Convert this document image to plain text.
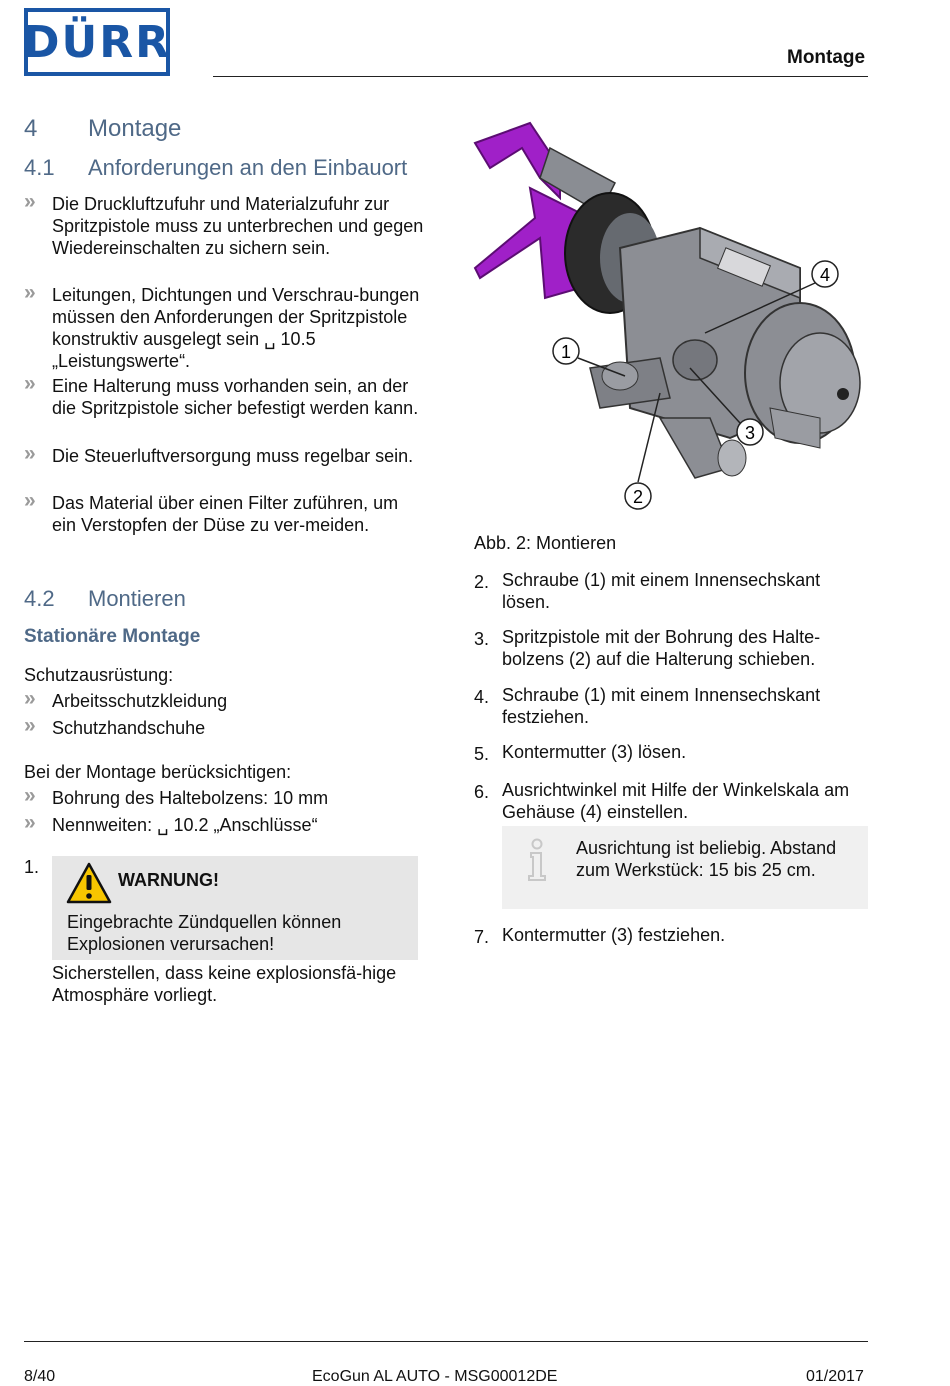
DÜRR	Montage
4 Montage
4.1 Anforderungen an den Einbauort
» Die Druckluftzufuhr und Materialzufuhr zur Spritzpistole muss zu unterbrechen und gegen Wiedereinschalten zu sichern sein.
» Leitungen, Dichtungen und Verschrau-bungen müssen den Anforderungen der Spritzpistole konstruktiv ausgelegt sein ␣ 10.5 „Leistungswerte“.
» Eine Halterung muss vorhanden sein, an der die Spritzpistole sicher befestigt werden kann.
» Die Steuerluftversorgung muss regelbar sein.
» Das Material über einen Filter zuführen, um ein Verstopfen der Düse zu ver-meiden.
4.2 Montieren
Stationäre Montage
Schutzausrüstung:
» Arbeitsschutzkleidung
» Schutzhandschuhe
Bei der Montage berücksichtigen:
» Bohrung des Haltebolzens: 10 mm
» Nennweiten: ␣ 10.2 „Anschlüsse“
1.
WARNUNG!
Eingebrachte Zündquellen können Explosionen verursachen!
Sicherstellen, dass keine explosionsfä-hige Atmosphäre vorliegt.
1
2
3
4
Abb. 2: Montieren
2. Schraube (1) mit einem Innensechskant lösen.
3. Spritzpistole mit der Bohrung des Halte-bolzens (2) auf die Halterung schieben.
4. Schraube (1) mit einem Innensechskant festziehen.
5. Kontermutter (3) lösen.
6. Ausrichtwinkel mit Hilfe der Winkelskala am Gehäuse (4) einstellen.
7. Kontermutter (3) festziehen.
Ausrichtung ist beliebig. Abstand zum Werkstück: 15 bis 25 cm.
8/40	EcoGun AL AUTO - MSG00012DE	01/2017
